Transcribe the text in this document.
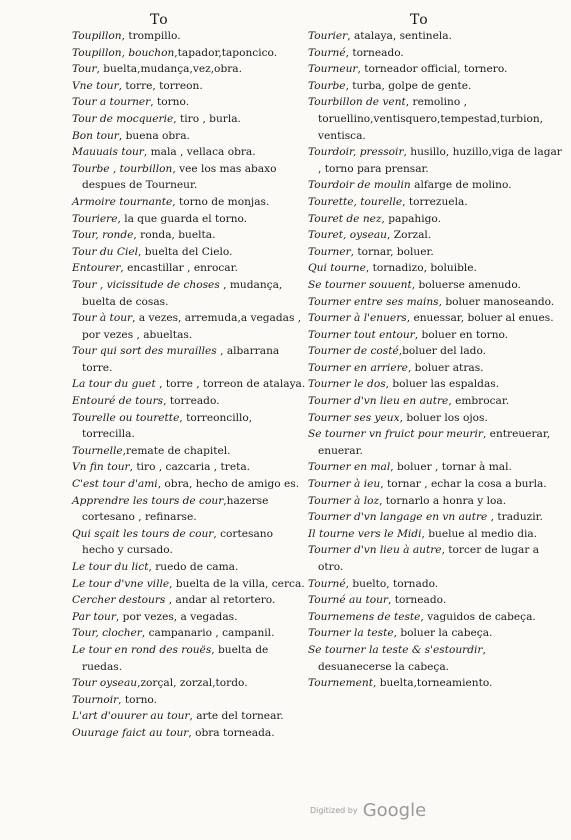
To	To
Toupillon, trompillo.
Toupillon, bouchon,tapador,taponcico.
Tour, buelta,mudança,vez,obra.
Vne tour, torre, torreon.
Tour a tourner, torno.
Tour de mocquerie, tiro , burla.
Bon tour, buena obra.
Mauuais tour, mala , vellaca obra.
Tourbe , tourbillon, vee los mas abaxo despues de Tourneur.
Armoire tournante, torno de monjas.
Touriere, la que guarda el torno.
Tour, ronde, ronda, buelta.
Tour du Ciel, buelta del Cielo.
Entourer, encastillar , enrocar.
Tour , vicissitude de choses , mudança, buelta de cosas.
Tour à tour, a vezes, arremuda,a vegadas , por vezes , abueltas.
Tour qui sort des murailles , albarrana torre.
La tour du guet , torre , torreon de atalaya.
Entouré de tours, torreado.
Tourelle ou tourette, torreoncillo, torrecilla.
Tournelle,remate de chapitel.
Vn fin tour, tiro , cazcaria , treta.
C'est tour d'ami, obra, hecho de amigo es.
Apprendre les tours de cour,hazerse cortesano , refinarse.
Qui sçait les tours de cour, cortesano hecho y cursado.
Le tour du lict, ruedo de cama.
Le tour d'vne ville, buelta de la villa, cerca.
Cercher destours , andar al retortero.
Par tour, por vezes, a vegadas.
Tour, clocher, campanario , campanil.
Le tour en rond des rouës, buelta de ruedas.
Tour oyseau,zorçal, zorzal,tordo.
Tournoir, torno.
L'art d'ouurer au tour, arte del tornear.
Ouurage faict au tour, obra torneada.
Tourier, atalaya, sentinela.
Tourné, torneado.
Tourneur, torneador official, tornero.
Tourbe, turba, golpe de gente.
Tourbillon de vent, remolino , toruellino,ventisquero,tempestad,turbion, ventisca.
Tourdoir, pressoir, husillo, huzillo,viga de lagar , torno para prensar.
Tourdoir de moulin alfarge de molino.
Tourette, tourelle, torrezuela.
Touret de nez, papahigo.
Touret, oyseau, Zorzal.
Tourner, tornar, boluer.
Qui tourne, tornadizo, boluible.
Se tourner souuent, boluerse amenudo.
Tourner entre ses mains, boluer manoseando.
Tourner à l'enuers, enuessar, boluer al enues.
Tourner tout entour, boluer en torno.
Tourner de costé,boluer del lado.
Tourner en arriere, boluer atras.
Tourner le dos, boluer las espaldas.
Tourner d'vn lieu en autre, embrocar.
Tourner ses yeux, boluer los ojos.
Se tourner vn fruict pour meurir, entreuerar, enuerar.
Tourner en mal, boluer , tornar à mal.
Tourner à ieu, tornar , echar la cosa a burla.
Tourner à loz, tornarlo a honra y loa.
Tourner d'vn langage en vn autre , traduzir.
Il tourne vers le Midi, buelue al medio dia.
Tourner d'vn lieu à autre, torcer de lugar a otro.
Tourné, buelto, tornado.
Tourné au tour, torneado.
Tournemens de teste, vaguidos de cabeça.
Tourner la teste, boluer la cabeça.
Se tourner la teste & s'estourdir, desuanecerse la cabeça.
Tournement, buelta,torneamiento.
Digitized by Google
